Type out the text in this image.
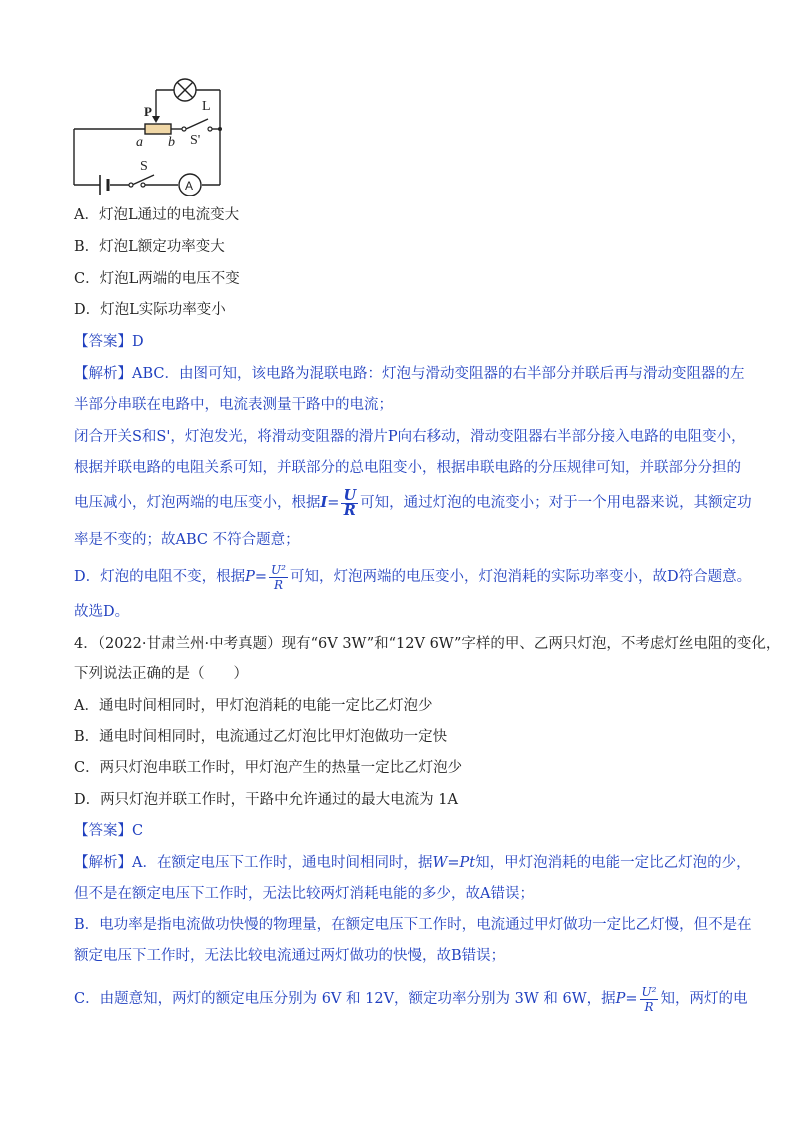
P	L
a b S'
S
A
A．灯泡L通过的电流变大
B．灯泡L额定功率变大
C．灯泡L两端的电压不变
D．灯泡L实际功率变小
【答案】D
【解析】ABC．由图可知，该电路为混联电路：灯泡与滑动变阻器的右半部分并联后再与滑动变阻器的左
半部分串联在电路中，电流表测量干路中的电流；
闭合开关S和S'，灯泡发光，将滑动变阻器的滑片P向右移动，滑动变阻器右半部分接入电路的电阻变小，
根据并联电路的电阻关系可知，并联部分的总电阻变小，根据串联电路的分压规律可知，并联部分分担的
电压减小，灯泡两端的电压变小，根据$I= \frac{U}{R}$ 可知，通过灯泡的电流变小；对于一个用电器来说，其额定功
率是不变的；故ABC 不符合题意；
D．灯泡的电阻不变，根据$P= \frac{\text{U²}}{R}$ 可知，灯泡两端的电压变小，灯泡消耗的实际功率变小，故D符合题意。
故选D。
4．（2022·甘肃兰州·中考真题）现有“6V 3W”和“12V 6W”字样的甲、乙两只灯泡，不考虑灯丝电阻的变化，
下列说法正确的是（　　）
A．通电时间相同时，甲灯泡消耗的电能一定比乙灯泡少
B．通电时间相同时，电流通过乙灯泡比甲灯泡做功一定快
C．两只灯泡串联工作时，甲灯泡产生的热量一定比乙灯泡少
D．两只灯泡并联工作时，干路中允许通过的最大电流为 1A
【答案】C
【解析】A．在额定电压下工作时，通电时间相同时，据W=Pt知，甲灯泡消耗的电能一定比乙灯泡的少，
但不是在额定电压下工作时，无法比较两灯消耗电能的多少，故A错误；
B．电功率是指电流做功快慢的物理量，在额定电压下工作时，电流通过甲灯做功一定比乙灯慢，但不是在
额定电压下工作时，无法比较电流通过两灯做功的快慢，故B错误；
C．由题意知，两灯的额定电压分别为 6V 和 12V，额定功率分别为 3W 和 6W，据$P= \frac{\text{U²}}{R}$ 知，两灯的电
